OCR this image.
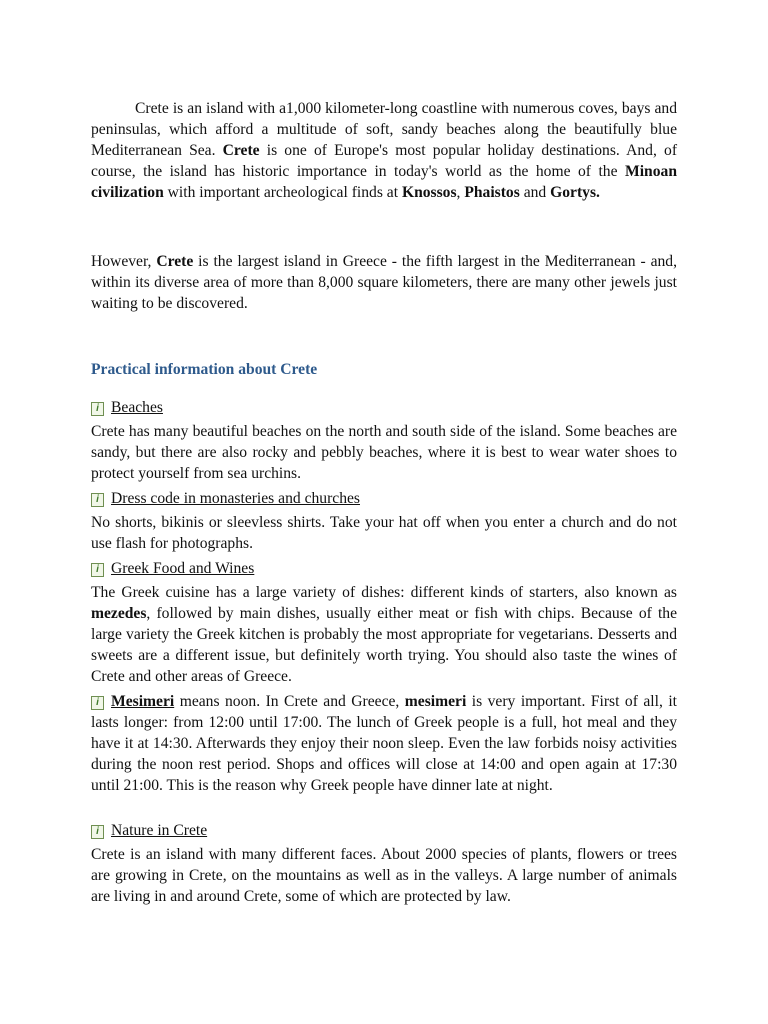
Crete is an island with a1,000 kilometer-long coastline with numerous coves, bays and peninsulas, which afford a multitude of soft, sandy beaches along the beautifully blue Mediterranean Sea. Crete is one of Europe's most popular holiday destinations. And, of course, the island has historic importance in today's world as the home of the Minoan civilization with important archeological finds at Knossos, Phaistos and Gortys.

However, Crete is the largest island in Greece - the fifth largest in the Mediterranean - and, within its diverse area of more than 8,000 square kilometers, there are many other jewels just waiting to be discovered.

Practical information about Crete
i Beaches

Crete has many beautiful beaches on the north and south side of the island. Some beaches are sandy, but there are also rocky and pebbly beaches, where it is best to wear water shoes to protect yourself from sea urchins.

i Dress code in monasteries and churches

No shorts, bikinis or sleevless shirts. Take your hat off when you enter a church and do not use flash for photographs.

i Greek Food and Wines

The Greek cuisine has a large variety of dishes: different kinds of starters, also known as mezedes, followed by main dishes, usually either meat or fish with chips. Because of the large variety the Greek kitchen is probably the most appropriate for vegetarians. Desserts and sweets are a different issue, but definitely worth trying. You should also taste the wines of Crete and other areas of Greece.

i Mesimeri means noon. In Crete and Greece, mesimeri is very important. First of all, it lasts longer: from 12:00 until 17:00. The lunch of Greek people is a full, hot meal and they have it at 14:30. Afterwards they enjoy their noon sleep. Even the law forbids noisy activities during the noon rest period. Shops and offices will close at 14:00 and open again at 17:30 until 21:00. This is the reason why Greek people have dinner late at night.

i Nature in Crete

Crete is an island with many different faces. About 2000 species of plants, flowers or trees are growing in Crete, on the mountains as well as in the valleys. A large number of animals are living in and around Crete, some of which are protected by law.
